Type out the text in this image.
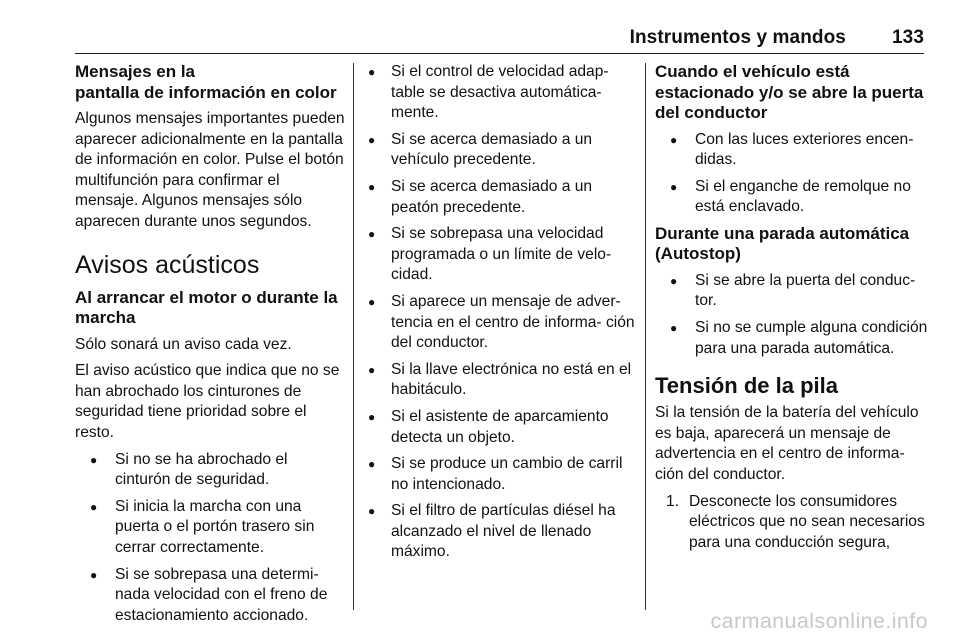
Instrumentos y mandos 133
Mensajes en la
pantalla de información en color

Algunos mensajes importantes pueden aparecer adicionalmente en la pantalla de información en color. Pulse el botón multifunción para confirmar el mensaje. Algunos mensajes sólo aparecen durante unos segundos.

Avisos acústicos
Al arrancar el motor o durante la marcha

Sólo sonará un aviso cada vez.

El aviso acústico que indica que no se han abrochado los cinturones de seguridad tiene prioridad sobre el resto.

● Si no se ha abrochado el cinturón de seguridad.
● Si inicia la marcha con una puerta o el portón trasero sin cerrar correctamente.
● Si se sobrepasa una determi‑ nada velocidad con el freno de estacionamiento accionado.
● Si el control de velocidad adap‑ table se desactiva automática‑ mente.
● Si se acerca demasiado a un vehículo precedente.
● Si se acerca demasiado a un peatón precedente.
● Si se sobrepasa una velocidad programada o un límite de velo‑ cidad.
● Si aparece un mensaje de adver‑ tencia en el centro de informa‑ ción del conductor.
● Si la llave electrónica no está en el habitáculo.
● Si el asistente de aparcamiento detecta un objeto.
● Si se produce un cambio de carril no intencionado.
● Si el filtro de partículas diésel ha alcanzado el nivel de llenado máximo.
Cuando el vehículo está estacionado y/o se abre la puerta del conductor
● Con las luces exteriores encen‑ didas.
● Si el enganche de remolque no está enclavado.
Durante una parada automática (Autostop)
● Si se abre la puerta del conduc‑ tor.
● Si no se cumple alguna condición para una parada automática.
Tensión de la pila

Si la tensión de la batería del vehículo es baja, aparecerá un mensaje de advertencia en el centro de informa‑ ción del conductor.

1. Desconecte los consumidores eléctricos que no sean necesarios para una conducción segura,
carmanualsonline.info
